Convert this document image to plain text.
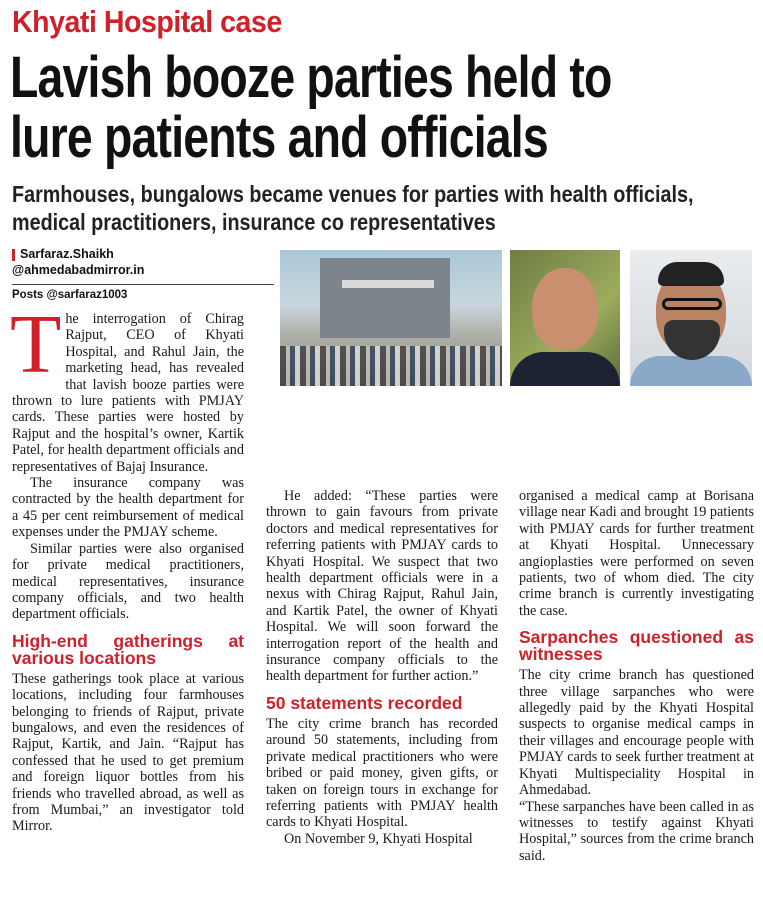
Khyati Hospital case
Lavish booze parties held to lure patients and officials
Farmhouses, bungalows became venues for parties with health officials, medical practitioners, insurance co representatives
Sarfaraz.Shaikh
@ahmedabadmirror.in
Posts @sarfaraz1003

The interrogation of Chirag Rajput, CEO of Khyati Hospital, and Rahul Jain, the marketing head, has revealed that lavish booze parties were thrown to lure patients with PMJAY cards. These parties were hosted by Rajput and the hospital’s owner, Kartik Patel, for health department officials and representatives of Bajaj Insurance.

The insurance company was contracted by the health department for a 45 per cent reimbursement of medical expenses under the PMJAY scheme.

Similar parties were also organised for private medical practitioners, medical representatives, insurance company officials, and two health department officials.

High-end gatherings at various locations

These gatherings took place at various locations, including four farmhouses belonging to friends of Rajput, private bungalows, and even the residences of Rajput, Kartik, and Jain. “Rajput has confessed that he used to get premium and foreign liquor bottles from his friends who travelled abroad, as well as from Mumbai,” an investigator told Mirror.

He added: “These parties were thrown to gain favours from private doctors and medical representatives for referring patients with PMJAY cards to Khyati Hospital. We suspect that two health department officials were in a nexus with Chirag Rajput, Rahul Jain, and Kartik Patel, the owner of Khyati Hospital. We will soon forward the interrogation report of the health and insurance company officials to the health department for further action.”

50 statements recorded

The city crime branch has recorded around 50 statements, including from private medical practitioners who were bribed or paid money, given gifts, or taken on foreign tours in exchange for referring patients with PMJAY health cards to Khyati Hospital.

On November 9, Khyati Hospital

organised a medical camp at Borisana village near Kadi and brought 19 patients with PMJAY cards for further treatment at Khyati Hospital. Unnecessary angioplasties were performed on seven patients, two of whom died. The city crime branch is currently investigating the case.

Sarpanches questioned as witnesses

The city crime branch has questioned three village sarpanches who were allegedly paid by the Khyati Hospital suspects to organise medical camps in their villages and encourage people with PMJAY cards to seek further treatment at Khyati Multispeciality Hospital in Ahmedabad.

“These sarpanches have been called in as witnesses to testify against Khyati Hospital,” sources from the crime branch said.
